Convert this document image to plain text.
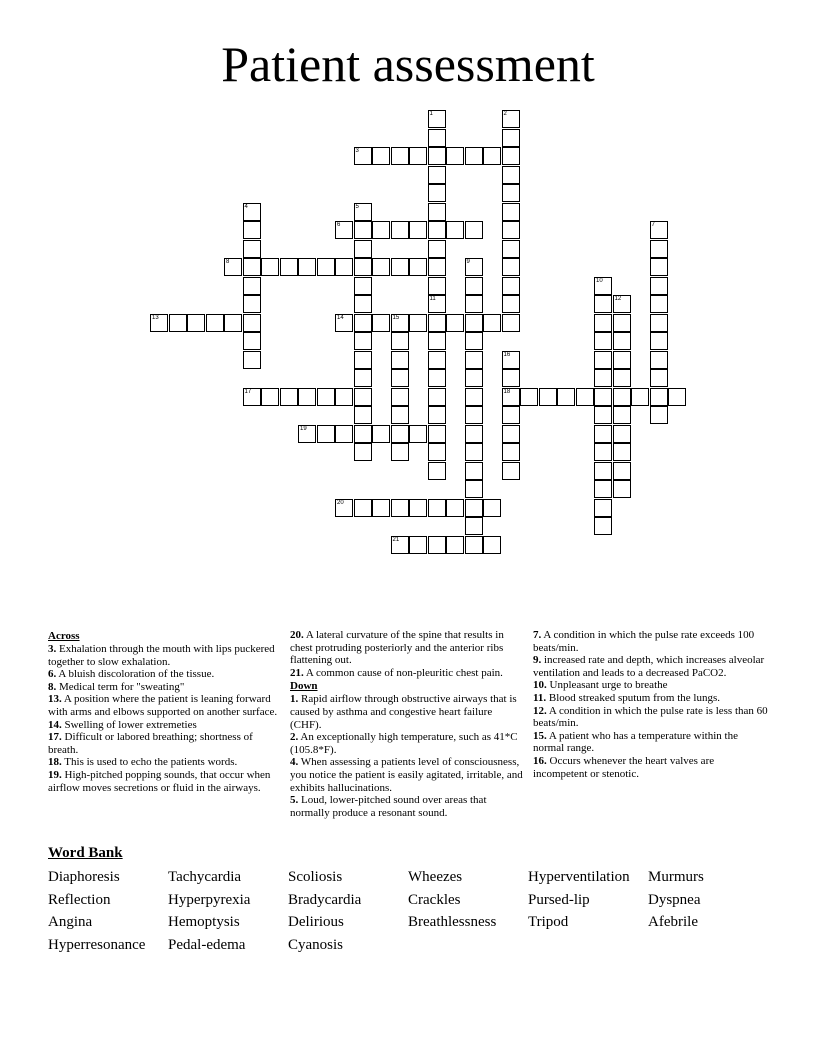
Patient assessment
1	2
3
4	5
6	7
8	9
10
11	12
13	14	15
16
18
17
19
20
21
Across

3. Exhalation through the mouth with lips puckered together to slow exhalation.

6. A bluish discoloration of the tissue.

8. Medical term for "sweating"

13. A position where the patient is leaning forward with arms and elbows supported on another surface.

14. Swelling of lower extremeties

17. Difficult or labored breathing; shortness of breath.

18. This is used to echo the patients words.

19. High-pitched popping sounds, that occur when airflow moves secretions or fluid in the airways.

20. A lateral curvature of the spine that results in chest protruding posteriorly and the anterior ribs flattening out.

21. A common cause of non-pleuritic chest pain.

Down

1. Rapid airflow through obstructive airways that is caused by asthma and congestive heart failure (CHF).

2. An exceptionally high temperature, such as 41*C (105.8*F).

4. When assessing a patients level of consciousness, you notice the patient is easily agitated, irritable, and exhibits hallucinations.

5. Loud, lower-pitched sound over areas that normally produce a resonant sound.

7. A condition in which the pulse rate exceeds 100 beats/min.

9. increased rate and depth, which increases alveolar ventilation and leads to a decreased PaCO2.

10. Unpleasant urge to breathe

11. Blood streaked sputum from the lungs.

12. A condition in which the pulse rate is less than 60 beats/min.

15. A patient who has a temperature within the normal range.

16. Occurs whenever the heart valves are incompetent or stenotic.

Word Bank
Diaphoresis
Reflection
Angina
Hyperresonance
Tachycardia
Hyperpyrexia
Hemoptysis
Pedal-edema
Scoliosis
Bradycardia
Delirious
Cyanosis
Wheezes
Crackles
Breathlessness
Hyperventilation
Pursed-lip
Tripod
Murmurs
Dyspnea
Afebrile
